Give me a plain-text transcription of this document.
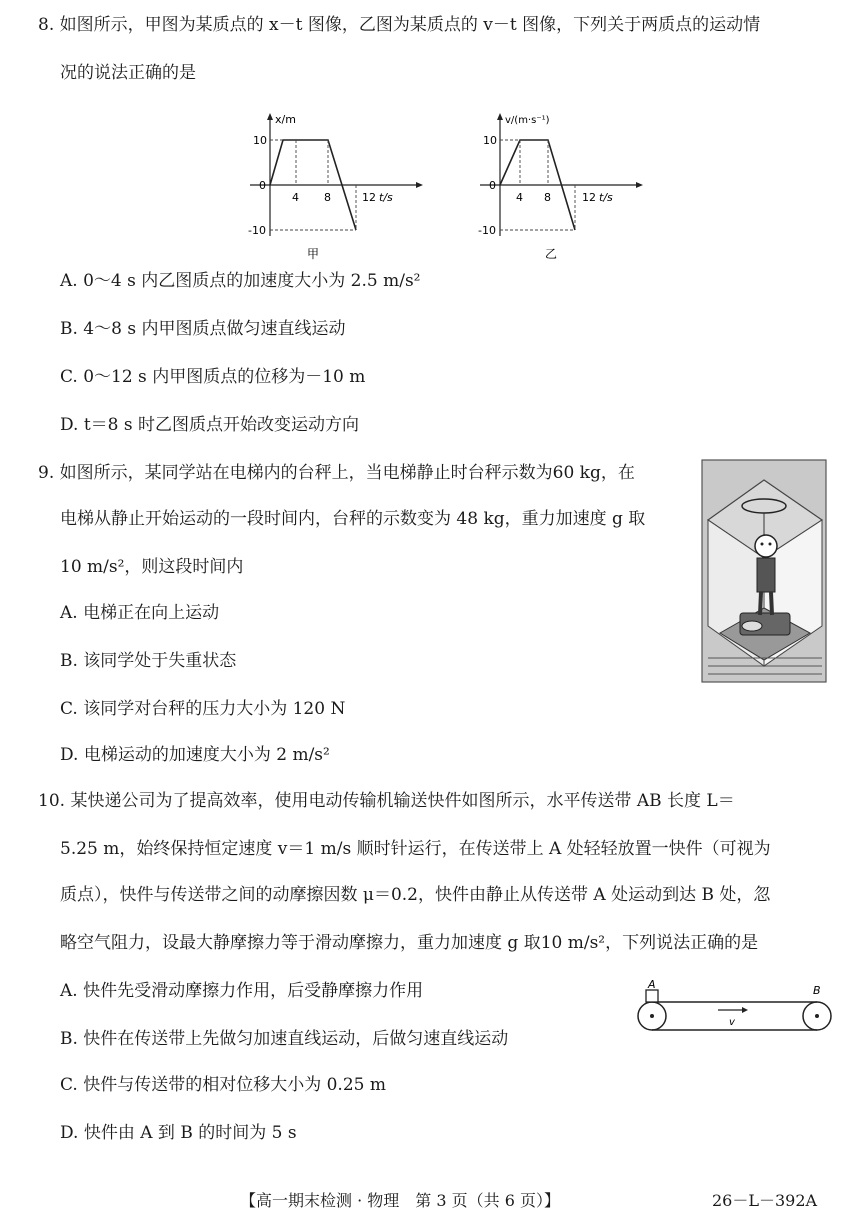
8. 如图所示，甲图为某质点的 x－t 图像，乙图为某质点的 v－t 图像，下列关于两质点的运动情
况的说法正确的是
x/m
10
0
-10
4 8	12 t/s
甲
v/(m·s⁻¹)
10
0
-10
4 8	12 t/s
乙
A. 0～4 s 内乙图质点的加速度大小为 2.5 m/s²
B. 4～8 s 内甲图质点做匀速直线运动
C. 0～12 s 内甲图质点的位移为－10 m
D. t＝8 s 时乙图质点开始改变运动方向
9. 如图所示，某同学站在电梯内的台秤上，当电梯静止时台秤示数为60 kg，在
电梯从静止开始运动的一段时间内，台秤的示数变为 48 kg，重力加速度 g 取
10 m/s²，则这段时间内
A. 电梯正在向上运动
B. 该同学处于失重状态
C. 该同学对台秤的压力大小为 120 N
D. 电梯运动的加速度大小为 2 m/s²
10. 某快递公司为了提高效率，使用电动传输机输送快件如图所示，水平传送带 AB 长度 L＝
5.25 m，始终保持恒定速度 v＝1 m/s 顺时针运行，在传送带上 A 处轻轻放置一快件（可视为
质点），快件与传送带之间的动摩擦因数 μ＝0.2，快件由静止从传送带 A 处运动到达 B 处，忽
略空气阻力，设最大静摩擦力等于滑动摩擦力，重力加速度 g 取10 m/s²，下列说法正确的是
A. 快件先受滑动摩擦力作用，后受静摩擦力作用
B. 快件在传送带上先做匀加速直线运动，后做匀速直线运动
C. 快件与传送带的相对位移大小为 0.25 m
D. 快件由 A 到 B 的时间为 5 s
A	B
v
【高一期末检测 · 物理　第 3 页（共 6 页）】	26－L－392A
